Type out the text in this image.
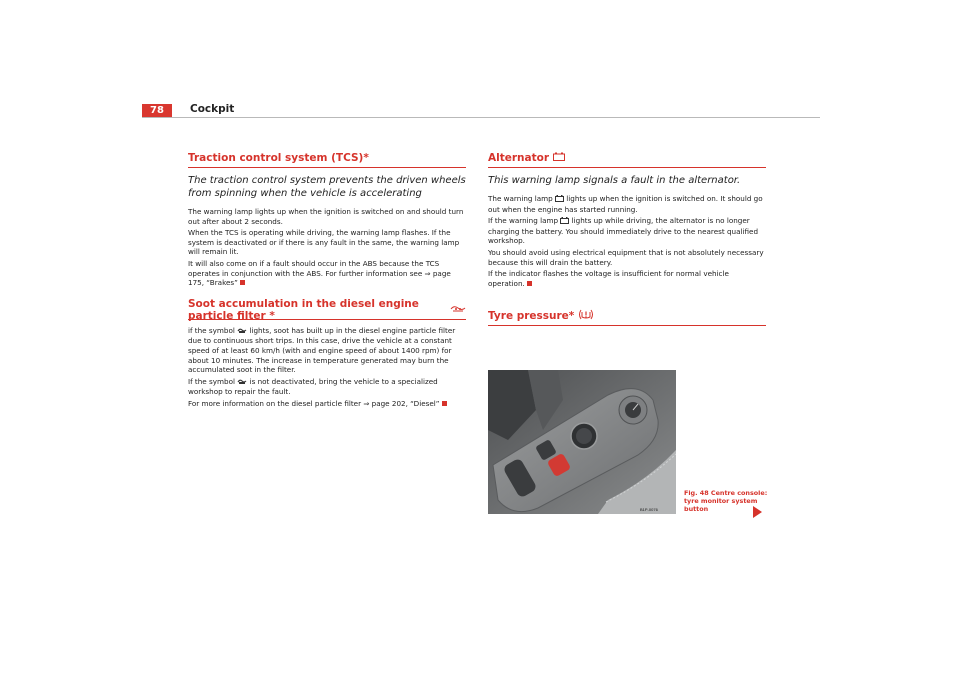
78	Cockpit
Traction control system (TCS)*
The traction control system prevents the driven wheels from spinning when the vehicle is accelerating

The warning lamp lights up when the ignition is switched on and should turn out after about 2 seconds.

When the TCS is operating while driving, the warning lamp flashes. If the system is deactivated or if there is any fault in the same, the warning lamp will remain lit.

It will also come on if a fault should occur in the ABS because the TCS operates in conjunction with the ABS. For further information see ⇒ page 175, “Brakes”

Soot accumulation in the diesel engine particle filter *

if the symbol lights, soot has built up in the diesel engine particle filter due to continuous short trips. In this case, drive the vehicle at a constant speed of at least 60 km/h (with and engine speed of about 1400 rpm) for about 10 minutes. The increase in temperature generated may burn the accumulated soot in the filter.

If the symbol is not deactivated, bring the vehicle to a specialized workshop to repair the fault.

For more information on the diesel particle filter ⇒ page 202, “Diesel”

Alternator
This warning lamp signals a fault in the alternator.

The warning lamp lights up when the ignition is switched on. It should go out when the engine has started running.

If the warning lamp lights up while driving, the alternator is no longer charging the battery. You should immediately drive to the nearest qualified workshop.

You should avoid using electrical equipment that is not absolutely necessary because this will drain the battery.

If the indicator flashes the voltage is insufficient for normal vehicle operation.

Tyre pressure*
B1P-0076
Fig. 48 Centre console: tyre monitor system button
